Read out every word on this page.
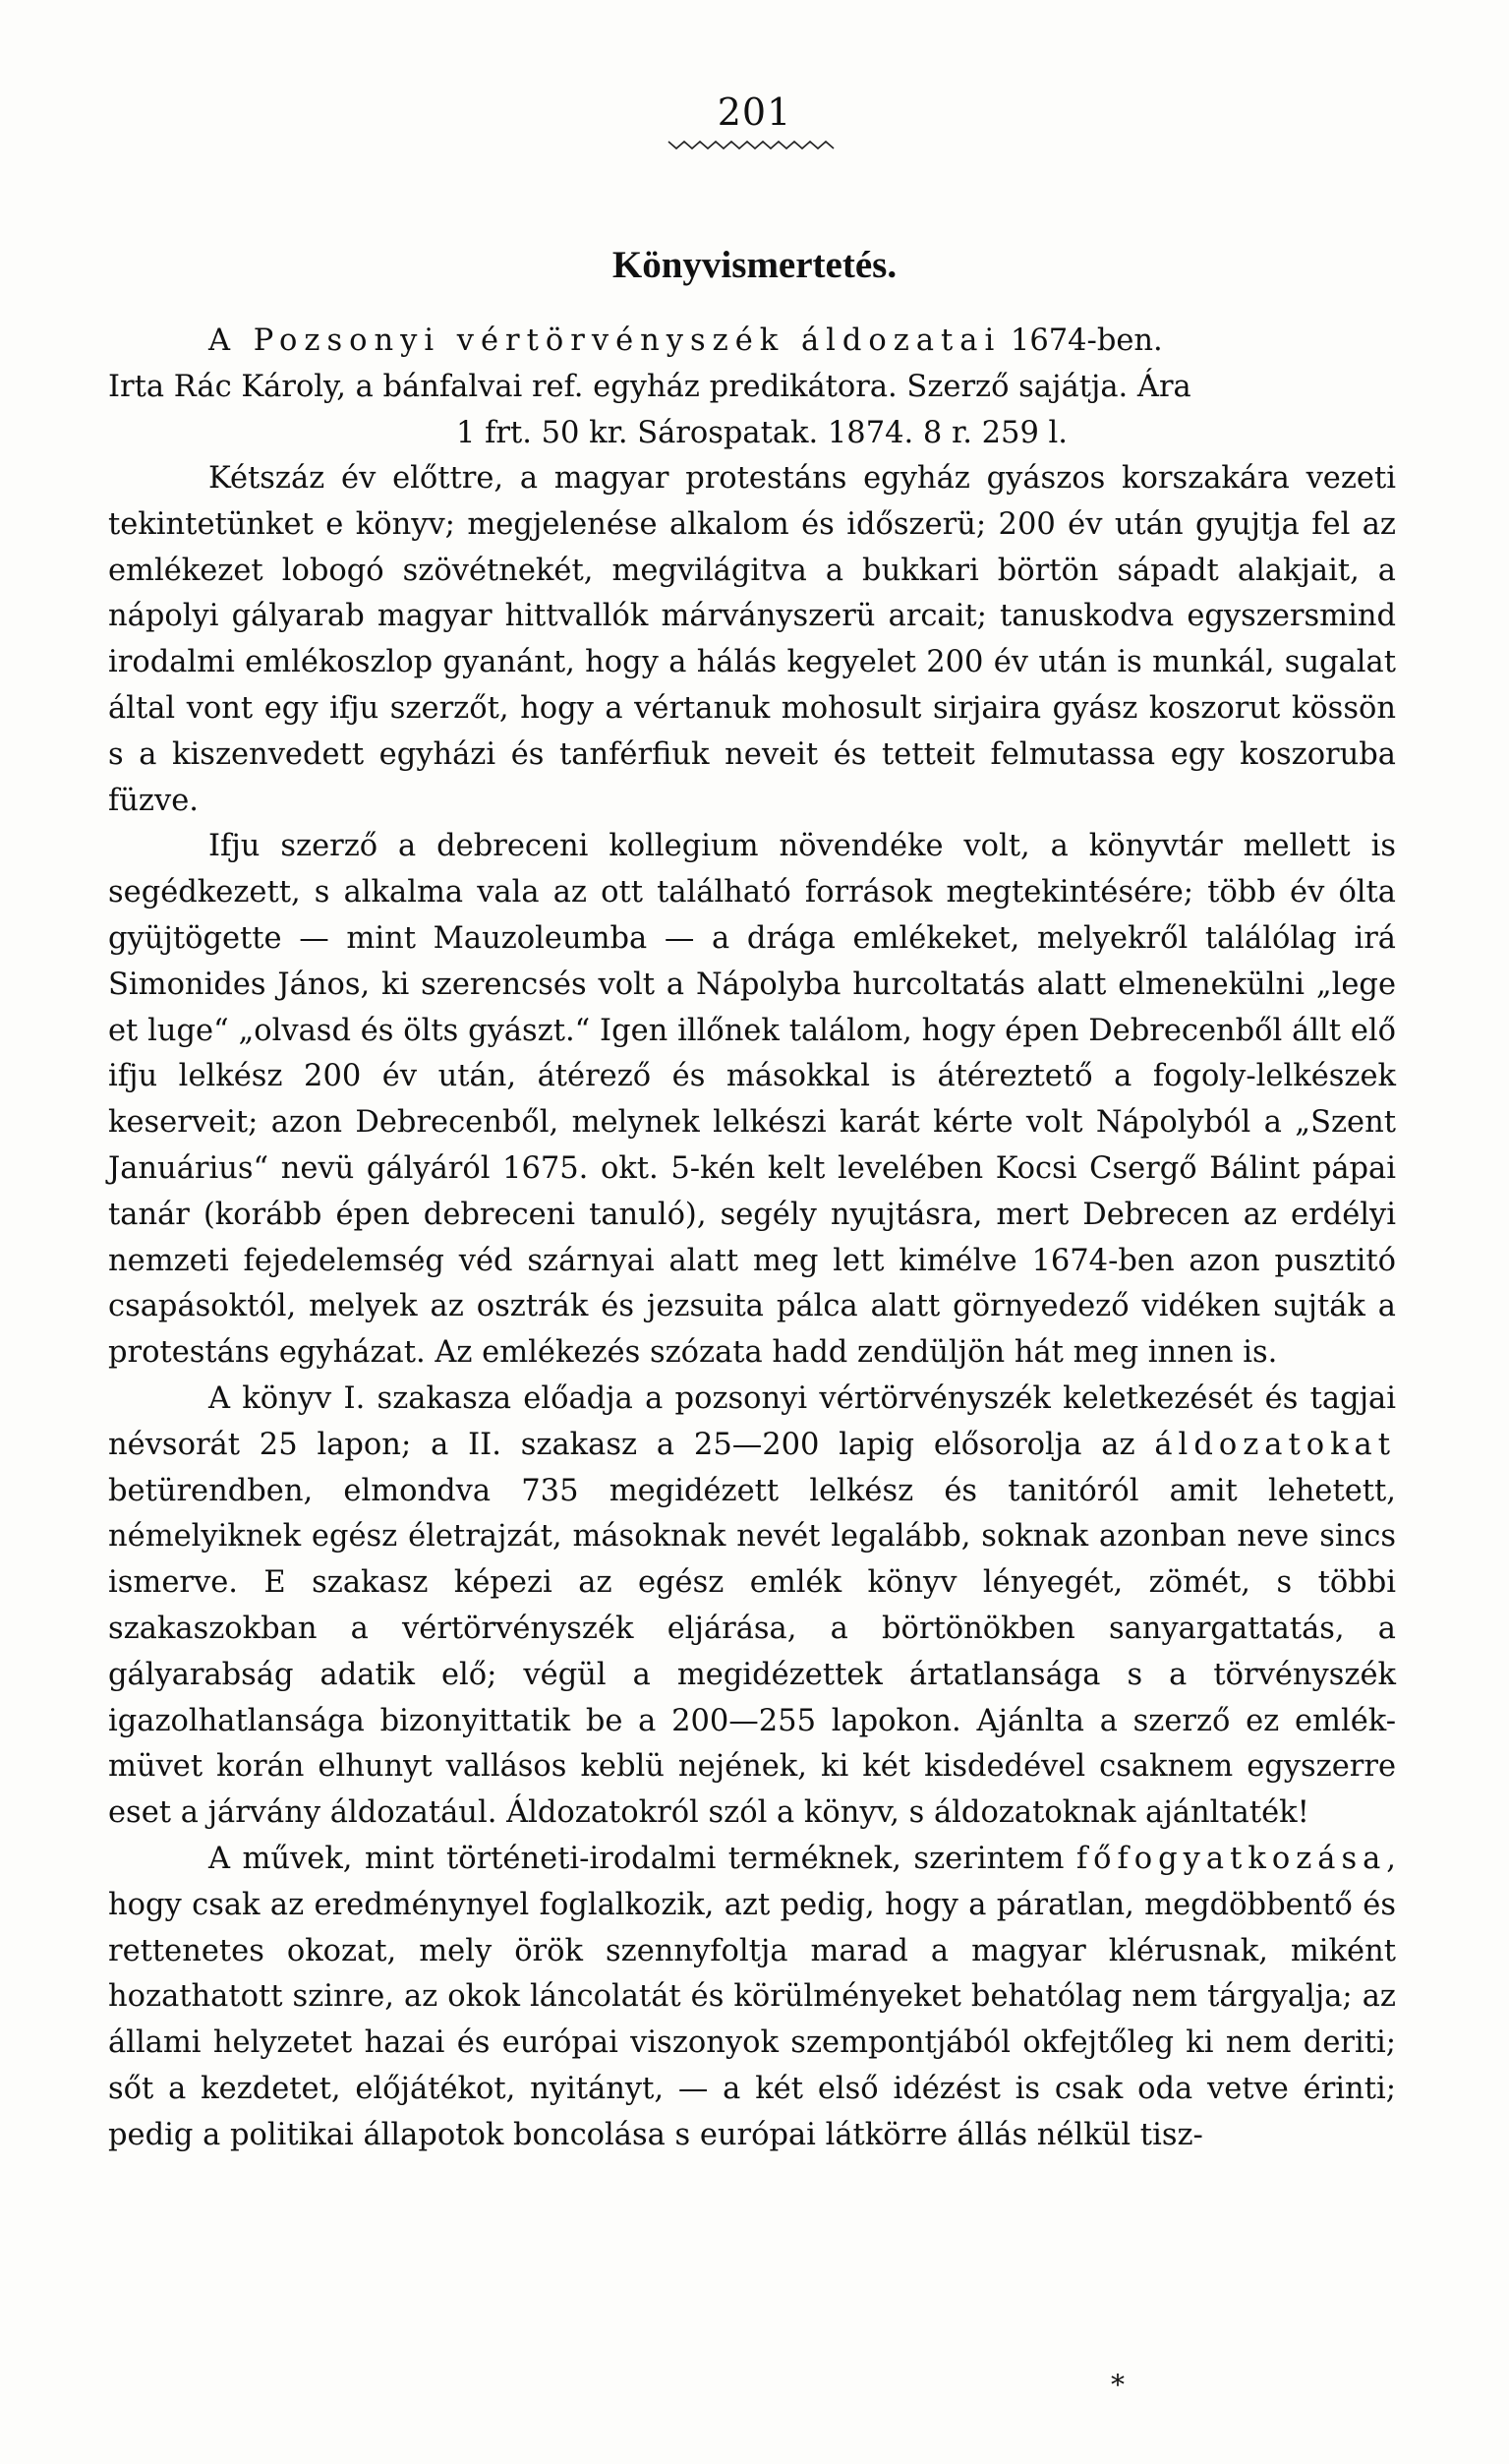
201
Könyvismertetés.
A Pozsonyi vértörvényszék áldozatai 1674-ben.
Irta Rác Károly, a bánfalvai ref. egyház predikátora. Szerző sajátja. Ára
1 frt. 50 kr. Sárospatak. 1874. 8 r. 259 l.

Kétszáz év előttre, a magyar protestáns egyház gyászos korszakára vezeti tekintetünket e könyv; megjelenése alkalom és időszerü; 200 év után gyujtja fel az emlékezet lobogó szövétnekét, megvilágitva a bukkari börtön sápadt alakjait, a nápolyi gályarab magyar hittvallók márványszerü arcait; tanuskodva egyszersmind irodalmi emlékoszlop gyanánt, hogy a hálás kegyelet 200 év után is munkál, sugalat által vont egy ifju szerzőt, hogy a vértanuk mohosult sirjaira gyász koszorut kössön s a kiszenvedett egyházi és tanférfiuk neveit és tetteit felmutassa egy koszoruba füzve.

Ifju szerző a debreceni kollegium növendéke volt, a könyvtár mellett is segédkezett, s alkalma vala az ott található források megtekintésére; több év ólta gyüjtögette — mint Mauzoleumba — a drága emlékeket, melyekről találólag irá Simonides János, ki szerencsés volt a Nápolyba hurcoltatás alatt elmenekülni „lege et luge“ „olvasd és ölts gyászt.“ Igen illőnek találom, hogy épen Debrecenből állt elő ifju lelkész 200 év után, átérező és másokkal is átéreztető a fogoly-lelkészek keserveit; azon Debrecenből, melynek lelkészi karát kérte volt Nápolyból a „Szent Januárius“ nevü gályáról 1675. okt. 5-kén kelt levelében Kocsi Csergő Bálint pápai tanár (korább épen debreceni tanuló), segély nyujtásra, mert Debrecen az erdélyi nemzeti fejedelemség véd szárnyai alatt meg lett kimélve 1674-ben azon pusztitó csapásoktól, melyek az osztrák és jezsuita pálca alatt görnyedező vidéken sujták a protestáns egyházat. Az emlékezés szózata hadd zendüljön hát meg innen is.

A könyv I. szakasza előadja a pozsonyi vértörvényszék keletkezését és tagjai névsorát 25 lapon; a II. szakasz a 25—200 lapig elősorolja az áldozatokat betürendben, elmondva 735 megidézett lelkész és tanitóról amit lehetett, némelyiknek egész életrajzát, másoknak nevét legalább, soknak azonban neve sincs ismerve. E szakasz képezi az egész emlék könyv lényegét, zömét, s többi szakaszokban a vértörvényszék eljárása, a börtönökben sanyargattatás, a gályarabság adatik elő; végül a megidézettek ártatlansága s a törvényszék igazolhatlansága bizonyittatik be a 200—255 lapokon. Ajánlta a szerző ez emlék-müvet korán elhunyt vallásos keblü nejének, ki két kisdedével csaknem egyszerre eset a járvány áldozatául. Áldozatokról szól a könyv, s áldozatoknak ajánltaték!

A művek, mint történeti-irodalmi terméknek, szerintem főfogyatkozása, hogy csak az eredménynyel foglalkozik, azt pedig, hogy a páratlan, megdöbbentő és rettenetes okozat, mely örök szennyfoltja marad a magyar klérusnak, miként hozathatott szinre, az okok láncolatát és körülményeket behatólag nem tárgyalja; az állami helyzetet hazai és európai viszonyok szempontjából okfejtőleg ki nem deriti; sőt a kezdetet, előjátékot, nyitányt, — a két első idézést is csak oda vetve érinti; pedig a politikai állapotok boncolása s európai látkörre állás nélkül tisz-

*
